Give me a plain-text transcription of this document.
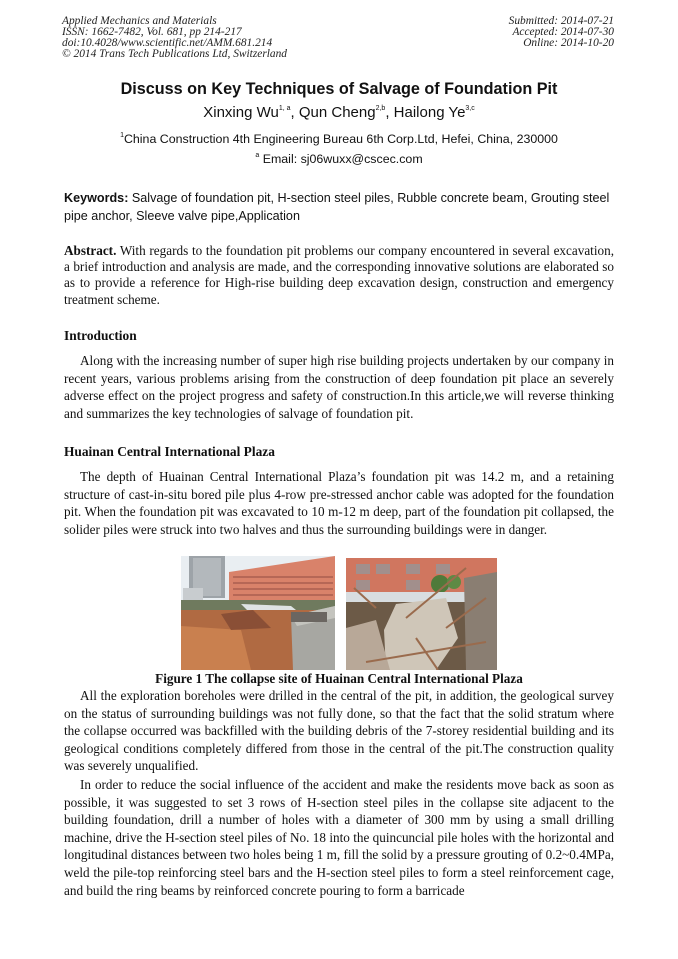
Applied Mechanics and Materials
ISSN: 1662-7482, Vol. 681, pp 214-217
doi:10.4028/www.scientific.net/AMM.681.214
© 2014 Trans Tech Publications Ltd, Switzerland
Submitted: 2014-07-21
Accepted: 2014-07-30
Online: 2014-10-20
Discuss on Key Techniques of Salvage of Foundation Pit
Xinxing Wu$^{1, a}$, Qun Cheng$^{2,b}$, Hailong Ye$^{3,c}$
$^1$China Construction 4th Engineering Bureau 6th Corp.Ltd, Hefei, China, 230000
$^a$ Email: sj06wuxx@cscec.com
Keywords: Salvage of foundation pit, H-section steel piles, Rubble concrete beam, Grouting steel pipe anchor, Sleeve valve pipe,Application
Abstract. With regards to the foundation pit problems our company encountered in several excavation, a brief introduction and analysis are made, and the corresponding innovative solutions are elaborated so as to provide a reference for High-rise building deep excavation design, construction and emergency treatment scheme.
Introduction
Along with the increasing number of super high rise building projects undertaken by our company in recent years, various problems arising from the construction of deep foundation pit place an severely adverse effect on the project progress and safety of construction.In this article,we will reverse thinking and summarizes the key technologies of salvage of foundation pit.
Huainan Central International Plaza
The depth of Huainan Central International Plaza’s foundation pit was 14.2 m, and a retaining structure of cast-in-situ bored pile plus 4-row pre-stressed anchor cable was adopted for the foundation pit. When the foundation pit was excavated to 10 m-12 m deep, part of the foundation pit collapsed, the solider piles were struck into two halves and thus the surrounding buildings were in danger.
Figure 1 The collapse site of Huainan Central International Plaza
All the exploration boreholes were drilled in the central of the pit, in addition, the geological survey on the status of surrounding buildings was not fully done, so that the fact that the solid stratum where the collapse occurred was backfilled with the building debris of the 7-storey residential building and its geological conditions completely differed from those in the central of the pit.The construction quality was severely unqualified.
In order to reduce the social influence of the accident and make the residents move back as soon as possible, it was suggested to set 3 rows of H-section steel piles in the collapse site adjacent to the building foundation, drill a number of holes with a diameter of 300 mm by using a small drilling machine, drive the H-section steel piles of No. 18 into the quincuncial pile holes with the horizontal and longitudinal distances between two holes being 1 m, fill the solid by a pressure grouting of 0.2~0.4MPa, weld the pile-top reinforcing steel bars and the H-section steel piles to form a steel reinforcement cage, and build the ring beams by reinforced concrete pouring to form a barricade
